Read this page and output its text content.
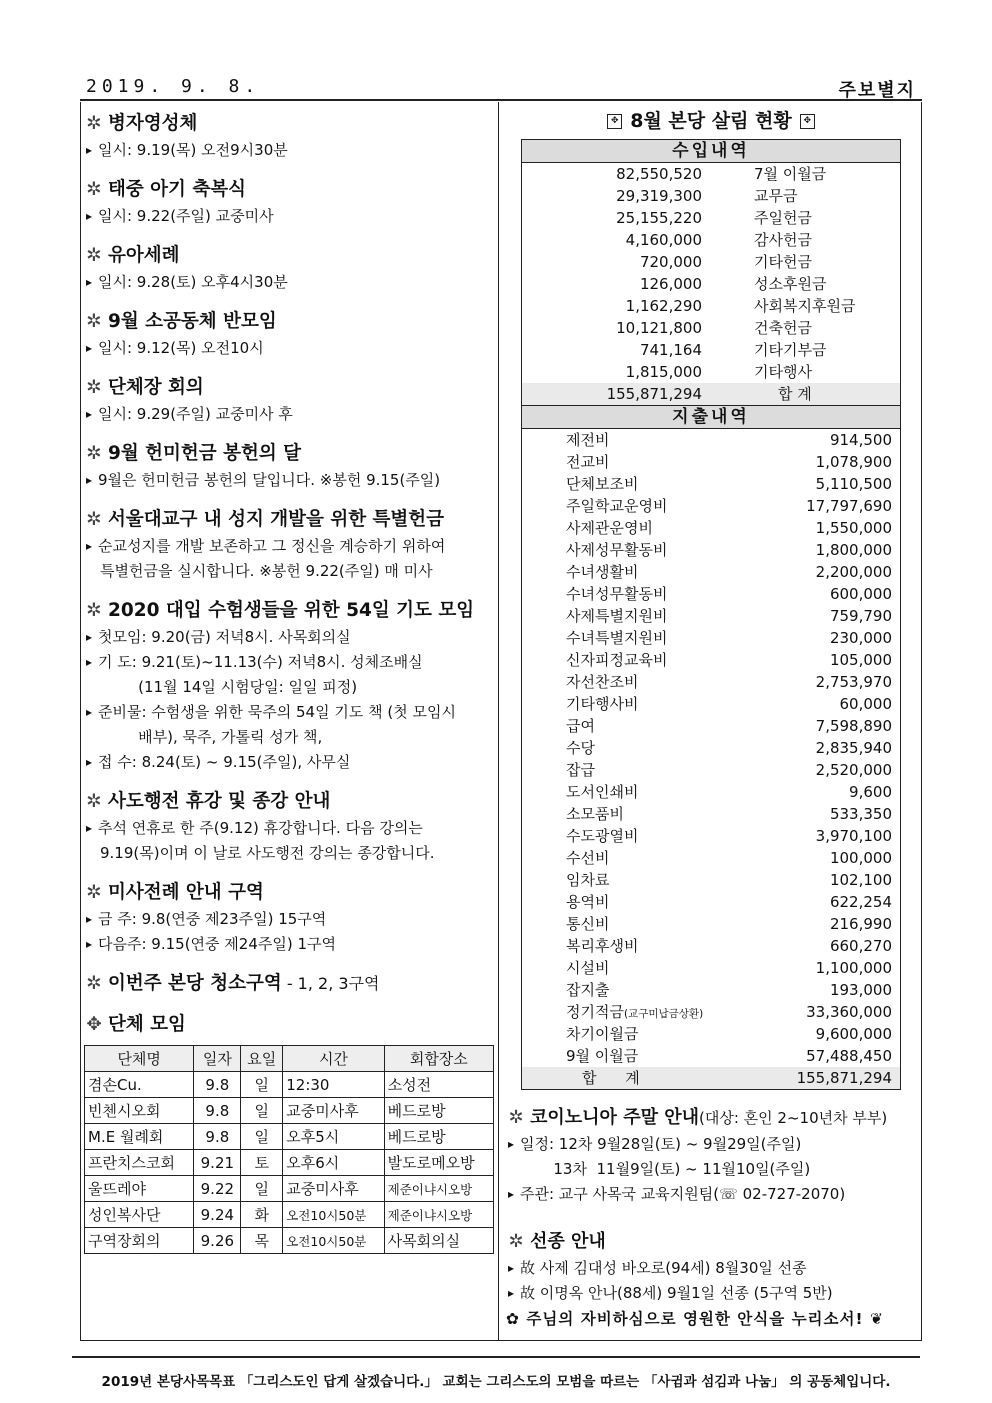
2019. 9. 8.	주보별지
✲ 병자영성체
▸ 일시: 9.19(목) 오전9시30분
✲ 태중 아기 축복식
▸ 일시: 9.22(주일) 교중미사
✲ 유아세례
▸ 일시: 9.28(토) 오후4시30분
✲ 9월 소공동체 반모임
▸ 일시: 9.12(목) 오전10시
✲ 단체장 회의
▸ 일시: 9.29(주일) 교중미사 후
✲ 9월 헌미헌금 봉헌의 달
▸ 9월은 헌미헌금 봉헌의 달입니다. ※봉헌 9.15(주일)
✲ 서울대교구 내 성지 개발을 위한 특별헌금
▸ 순교성지를 개발 보존하고 그 정신을 계승하기 위하여
특별헌금을 실시합니다. ※봉헌 9.22(주일) 매 미사
✲ 2020 대입 수험생들을 위한 54일 기도 모임
▸ 첫모임: 9.20(금) 저녁8시. 사목회의실
▸ 기 도: 9.21(토)~11.13(수) 저녁8시. 성체조배실
(11월 14일 시험당일: 일일 피정)
▸ 준비물: 수험생을 위한 묵주의 54일 기도 책 (첫 모임시
배부), 묵주, 가톨릭 성가 책,
▸ 접 수: 8.24(토) ~ 9.15(주일), 사무실
✲ 사도행전 휴강 및 종강 안내
▸ 추석 연휴로 한 주(9.12) 휴강합니다. 다음 강의는
9.19(목)이며 이 날로 사도행전 강의는 종강합니다.
✲ 미사전례 안내 구역
▸ 금 주: 9.8(연중 제23주일) 15구역
▸ 다음주: 9.15(연중 제24주일) 1구역
✲ 이번주 본당 청소구역 - 1, 2, 3구역
✥ 단체 모임
단체명	일자	요일	시간	회합장소
겸손Cu.	9.8	일	12:30	소성전
빈첸시오회	9.8	일	교중미사후	베드로방
M.E 월례회	9.8	일	오후5시	베드로방
프란치스코회	9.21	토	오후6시	발도로메오방
울뜨레야	9.22	일	교중미사후	제준이냐시오방
성인복사단	9.24	화	오전10시50분	제준이냐시오방
구역장회의	9.26	목	오전10시50분	사목회의실
✥ 8월 본당 살림 현황 ✥
수입내역
82,550,520	7월 이월금
29,319,300	교무금
25,155,220	주일헌금
4,160,000	감사헌금
720,000	기타헌금
126,000	성소후원금
1,162,290	사회복지후원금
10,121,800	건축헌금
741,164	기타기부금
1,815,000	기타행사
155,871,294	합 계
지출내역
제전비	914,500
전교비	1,078,900
단체보조비	5,110,500
주일학교운영비	17,797,690
사제관운영비	1,550,000
사제성무활동비	1,800,000
수녀생활비	2,200,000
수녀성무활동비	600,000
사제특별지원비	759,790
수녀특별지원비	230,000
신자피정교육비	105,000
자선찬조비	2,753,970
기타행사비	60,000
급여	7,598,890
수당	2,835,940
잡급	2,520,000
도서인쇄비	9,600
소모품비	533,350
수도광열비	3,970,100
수선비	100,000
임차료	102,100
용역비	622,254
통신비	216,990
복리후생비	660,270
시설비	1,100,000
잡지출	193,000
정기적금(교구미납금상환)	33,360,000
차기이월금	9,600,000
9월 이월금	57,488,450
합 계	155,871,294
✲ 코이노니아 주말 안내(대상: 혼인 2~10년차 부부)
▸ 일정: 12차 9월28일(토) ~ 9월29일(주일)
13차  11월9일(토) ~ 11월10일(주일)
▸ 주관: 교구 사목국 교육지원팀(☏ 02-727-2070)
✲ 선종 안내
▸ 故 사제 김대성 바오로(94세) 8월30일 선종
▸ 故 이명옥 안나(88세) 9월1일 선종 (5구역 5반)
✿ 주님의 자비하심으로 영원한 안식을 누리소서! ❦
2019년 본당사목목표 「그리스도인 답게 살겠습니다.」 교회는 그리스도의 모범을 따르는 「사귐과 섬김과 나눔」 의 공동체입니다.
